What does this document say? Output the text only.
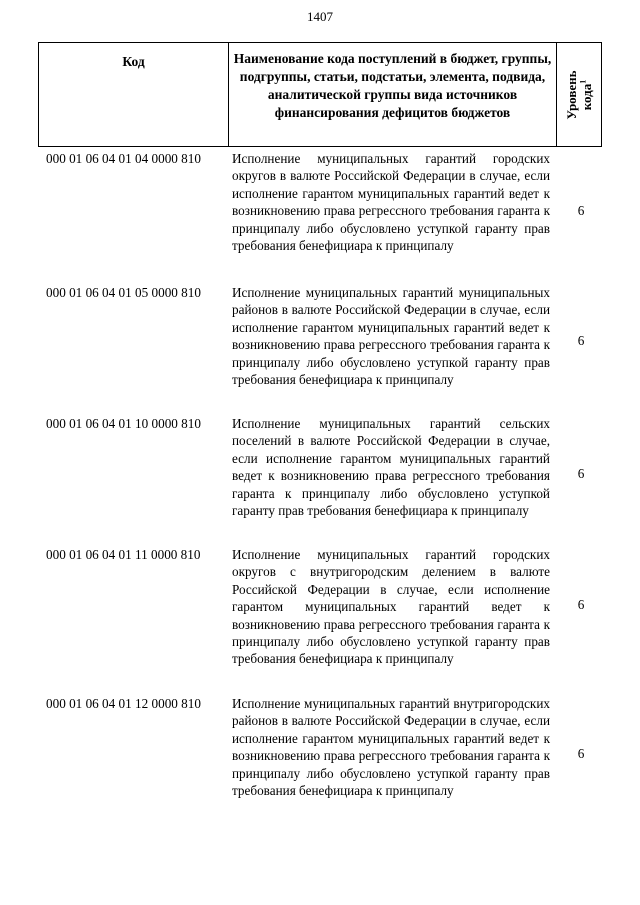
1407
Код	Наименование кода поступлений в бюджет, группы, подгруппы, статьи, подстатьи, элемента, подвида, аналитической группы вида источников финансирования дефицитов бюджетов	Уровень
кода$^1$
000 01 06 04 01 04 0000 810 Исполнение муниципальных гарантий городских округов в валюте Российской Федерации в случае, если исполнение гарантом муниципальных гарантий ведет к возникновению права регрессного требования гаранта к принципалу либо обусловлено уступкой гаранту прав требования бенефициара к принципалу
6
000 01 06 04 01 05 0000 810 Исполнение муниципальных гарантий муниципальных районов в валюте Российской Федерации в случае, если исполнение гарантом муниципальных гарантий ведет к возникновению права регрессного требования гаранта к принципалу либо обусловлено уступкой гаранту прав требования бенефициара к принципалу
6
000 01 06 04 01 10 0000 810 Исполнение муниципальных гарантий сельских поселений в валюте Российской Федерации в случае, если исполнение гарантом муниципальных гарантий ведет к возникновению права регрессного требования гаранта к принципалу либо обусловлено уступкой гаранту прав требования бенефициара к принципалу
6
000 01 06 04 01 11 0000 810 Исполнение муниципальных гарантий городских округов с внутригородским делением в валюте Российской Федерации в случае, если исполнение гарантом муниципальных гарантий ведет к возникновению права регрессного требования гаранта к принципалу либо обусловлено уступкой гаранту прав требования бенефициара к принципалу
6
000 01 06 04 01 12 0000 810 Исполнение муниципальных гарантий внутригородских районов в валюте Российской Федерации в случае, если исполнение гарантом муниципальных гарантий ведет к возникновению права регрессного требования гаранта к принципалу либо обусловлено уступкой гаранту прав требования бенефициара к принципалу
6
